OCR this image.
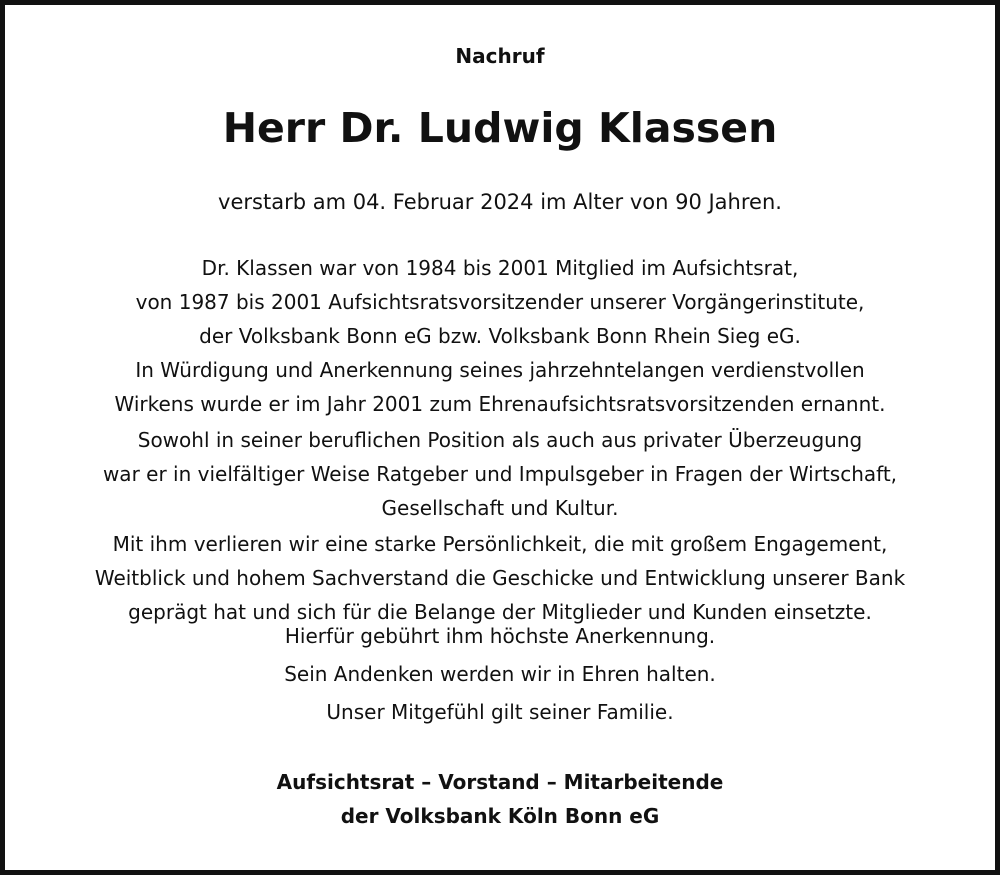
Nachruf
Herr Dr. Ludwig Klassen
verstarb am 04. Februar 2024 im Alter von 90 Jahren.
Dr. Klassen war von 1984 bis 2001 Mitglied im Aufsichtsrat,
von 1987 bis 2001 Aufsichtsratsvorsitzender unserer Vorgängerinstitute,
der Volksbank Bonn eG bzw. Volksbank Bonn Rhein Sieg eG.
In Würdigung und Anerkennung seines jahrzehntelangen verdienstvollen
Wirkens wurde er im Jahr 2001 zum Ehrenaufsichtsratsvorsitzenden ernannt.
Sowohl in seiner beruflichen Position als auch aus privater Überzeugung
war er in vielfältiger Weise Ratgeber und Impulsgeber in Fragen der Wirtschaft,
Gesellschaft und Kultur.
Mit ihm verlieren wir eine starke Persönlichkeit, die mit großem Engagement,
Weitblick und hohem Sachverstand die Geschicke und Entwicklung unserer Bank
geprägt hat und sich für die Belange der Mitglieder und Kunden einsetzte.
Hierfür gebührt ihm höchste Anerkennung.
Sein Andenken werden wir in Ehren halten.
Unser Mitgefühl gilt seiner Familie.
Aufsichtsrat – Vorstand – Mitarbeitende
der Volksbank Köln Bonn eG
